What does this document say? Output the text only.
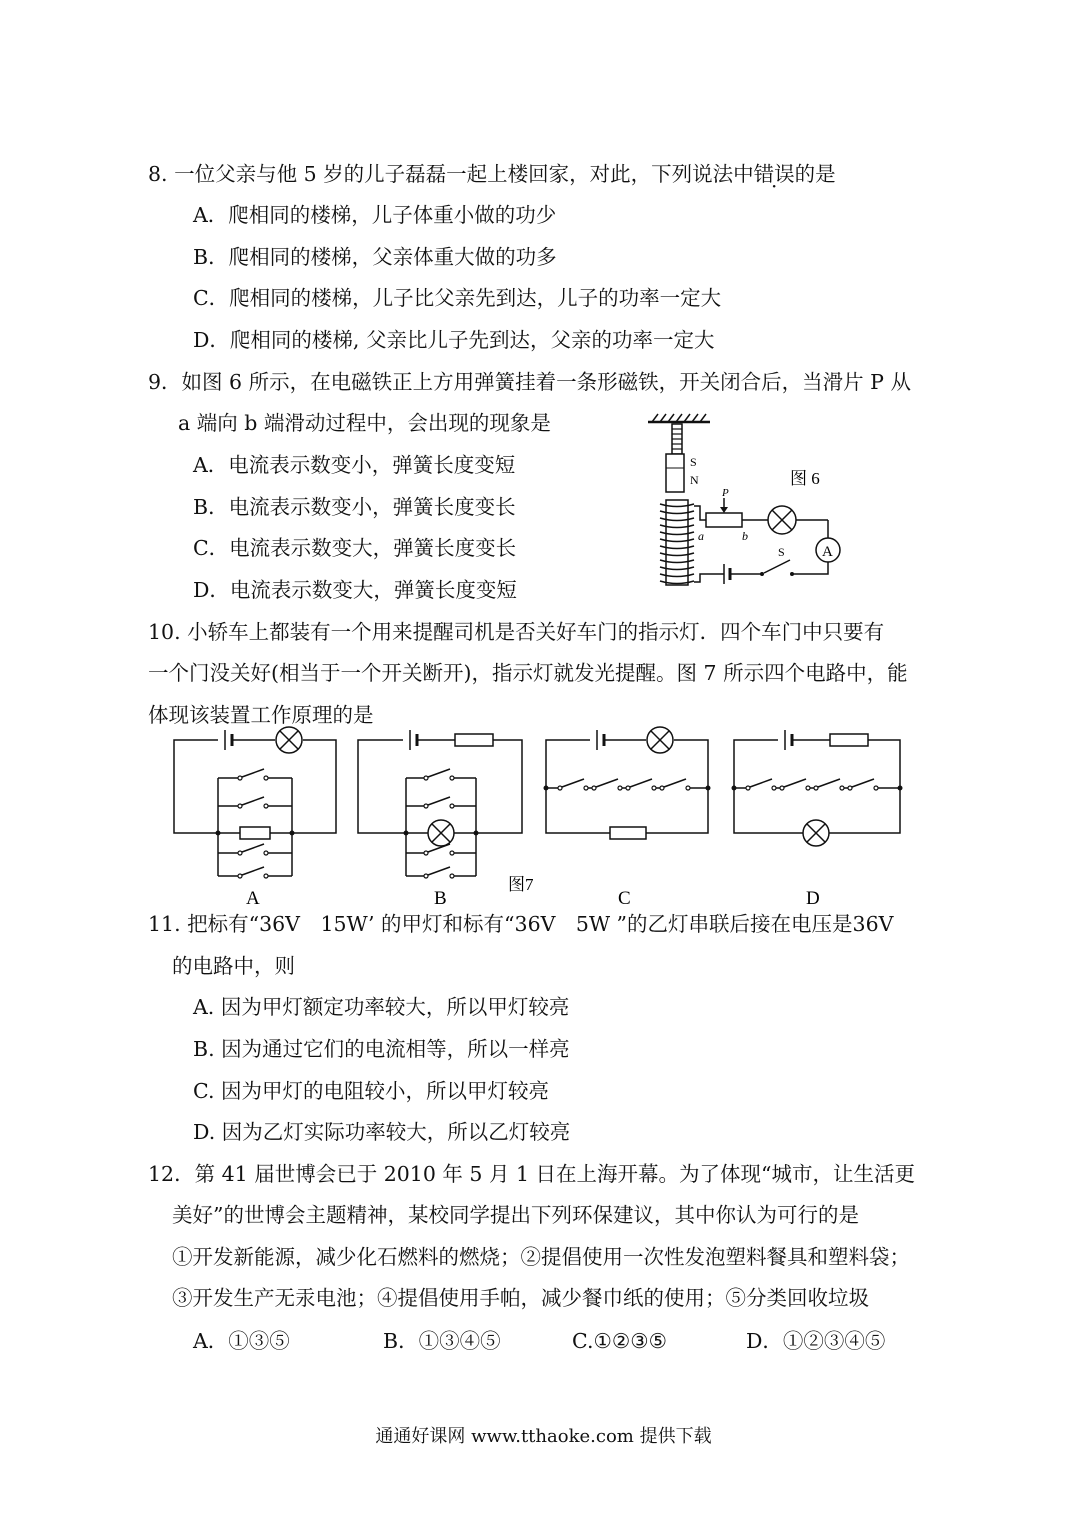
8. 一位父亲与他 5 岁的儿子磊磊一起上楼回家，对此，下列说法中错误的是
A．爬相同的楼梯，儿子体重小做的功少
B．爬相同的楼梯，父亲体重大做的功多
C．爬相同的楼梯，儿子比父亲先到达，儿子的功率一定大
D．爬相同的楼梯, 父亲比儿子先到达，父亲的功率一定大
9．如图 6 所示，在电磁铁正上方用弹簧挂着一条形磁铁，开关闭合后，当滑片 P 从
a 端向 b 端滑动过程中，会出现的现象是
A．电流表示数变小，弹簧长度变短
B．电流表示数变小，弹簧长度变长
C．电流表示数变大，弹簧长度变长
D．电流表示数变大，弹簧长度变短
S
N	图 6
P
a	b
A
S
10. 小轿车上都装有一个用来提醒司机是否关好车门的指示灯．四个车门中只要有
一个门没关好(相当于一个开关断开)，指示灯就发光提醒。图 7 所示四个电路中，能
体现该装置工作原理的是
A	B
图7
C	D
11. 把标有“36V　15W’ 的甲灯和标有“36V　5W ”的乙灯串联后接在电压是36V
的电路中，则
A. 因为甲灯额定功率较大，所以甲灯较亮
B. 因为通过它们的电流相等，所以一样亮
C. 因为甲灯的电阻较小，所以甲灯较亮
D. 因为乙灯实际功率较大，所以乙灯较亮
12．第 41 届世博会已于 2010 年 5 月 1 日在上海开幕。为了体现“城市，让生活更
美好”的世博会主题精神，某校同学提出下列环保建议，其中你认为可行的是
①开发新能源，减少化石燃料的燃烧；②提倡使用一次性发泡塑料餐具和塑料袋；
③开发生产无汞电池；④提倡使用手帕，减少餐巾纸的使用；⑤分类回收垃圾
A．①③⑤	B．①③④⑤	C.①②③⑤	D．①②③④⑤
通通好课网 www.tthaoke.com 提供下载
